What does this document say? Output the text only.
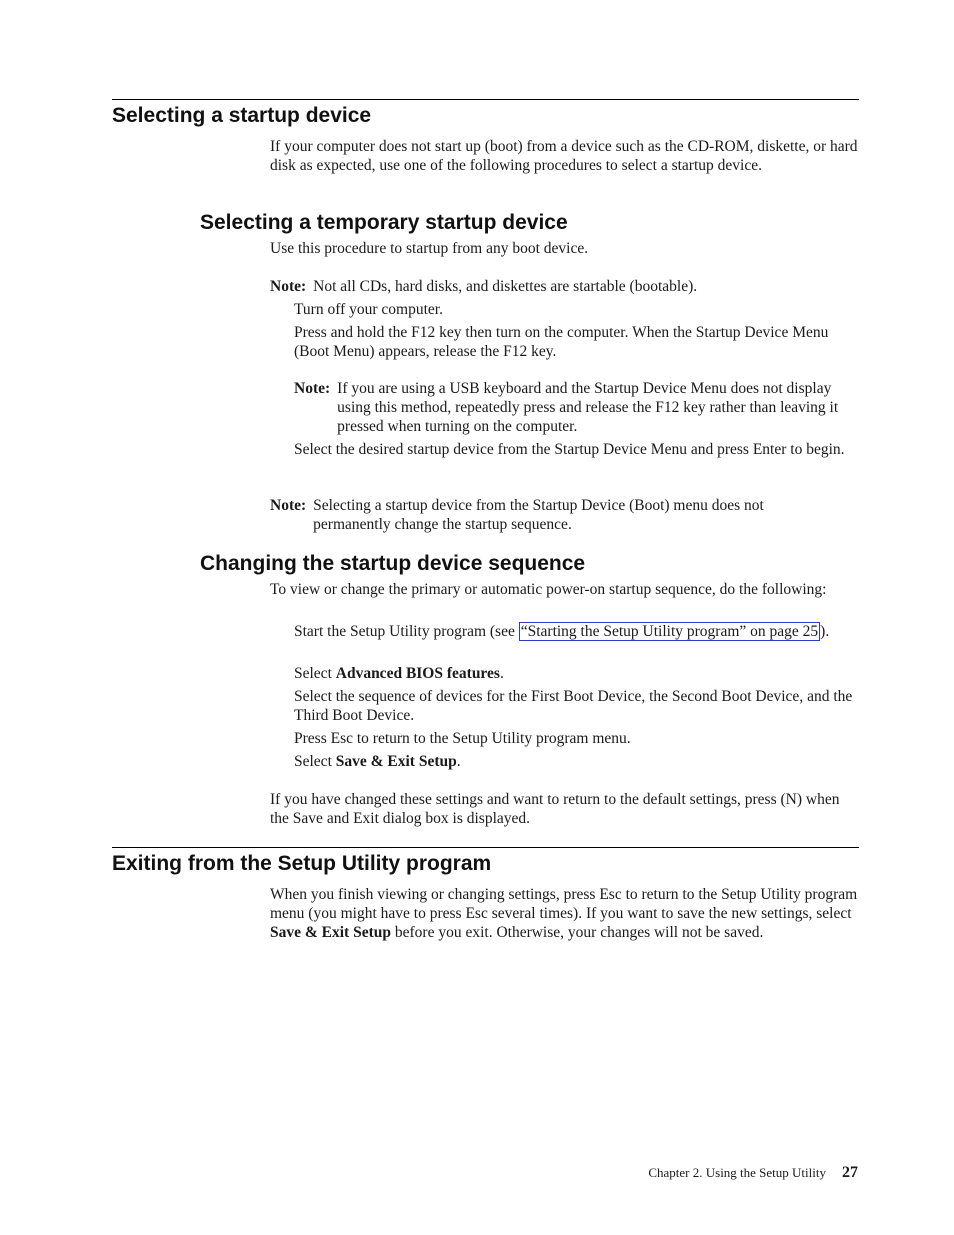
Selecting a startup device
If your computer does not start up (boot) from a device such as the CD-ROM, diskette, or hard disk as expected, use one of the following procedures to select a startup device.
Selecting a temporary startup device
Use this procedure to startup from any boot device.
Note: Not all CDs, hard disks, and diskettes are startable (bootable).
Turn off your computer.
Press and hold the F12 key then turn on the computer. When the Startup Device Menu (Boot Menu) appears, release the F12 key.
Note: If you are using a USB keyboard and the Startup Device Menu does not display using this method, repeatedly press and release the F12 key rather than leaving it pressed when turning on the computer.
Select the desired startup device from the Startup Device Menu and press Enter to begin.
Note: Selecting a startup device from the Startup Device (Boot) menu does not permanently change the startup sequence.
Changing the startup device sequence
To view or change the primary or automatic power-on startup sequence, do the following:
Start the Setup Utility program (see “Starting the Setup Utility program” on page 25 ).
Select Advanced BIOS features.
Select the sequence of devices for the First Boot Device, the Second Boot Device, and the Third Boot Device.
Press Esc to return to the Setup Utility program menu.
Select Save & Exit Setup.
If you have changed these settings and want to return to the default settings, press (N) when the Save and Exit dialog box is displayed.
Exiting from the Setup Utility program
When you finish viewing or changing settings, press Esc to return to the Setup Utility program menu (you might have to press Esc several times). If you want to save the new settings, select Save & Exit Setup before you exit. Otherwise, your changes will not be saved.
Chapter 2. Using the Setup Utility 27
